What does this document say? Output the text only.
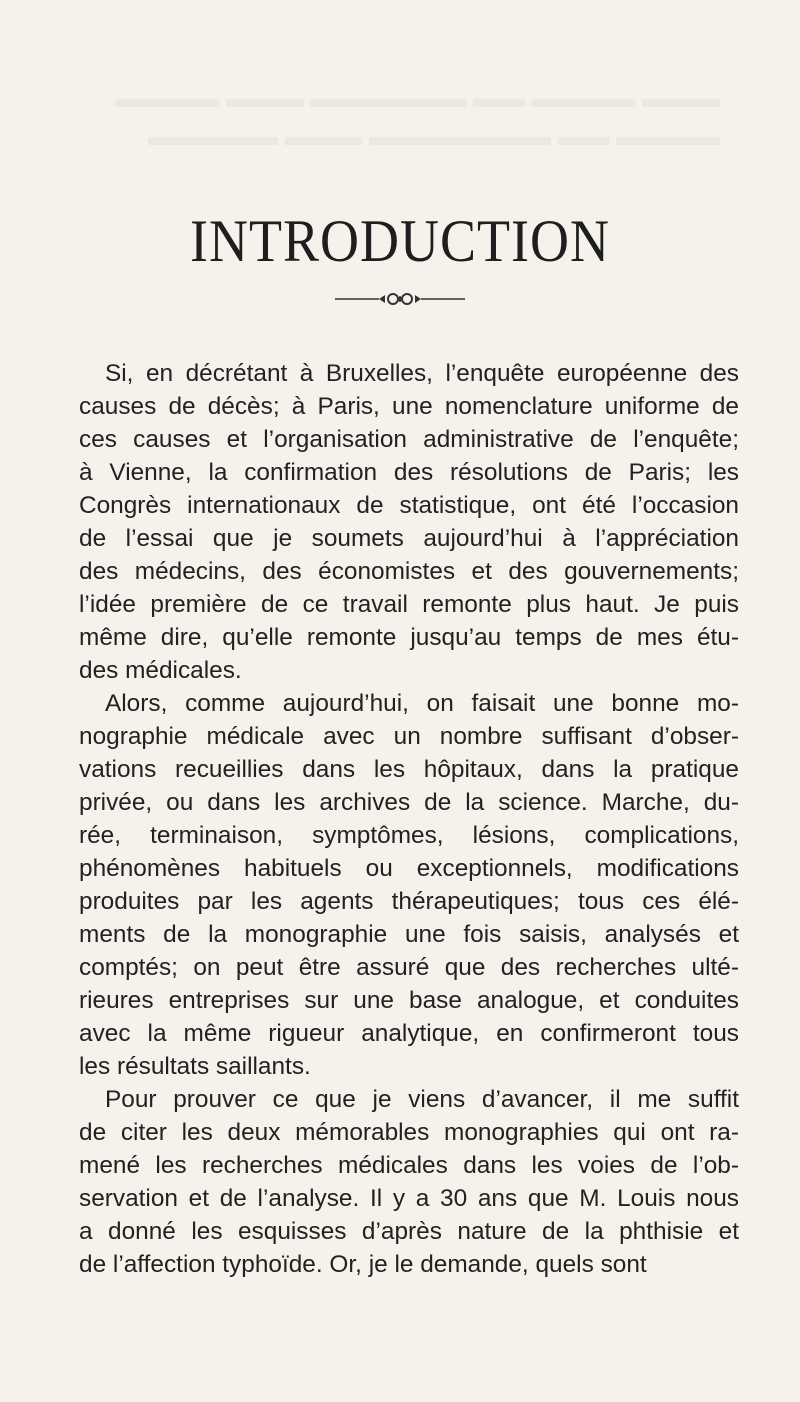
INTRODUCTION
Si, en décrétant à Bruxelles, l’enquête européenne des
causes de décès; à Paris, une nomenclature uniforme de
ces causes et l’organisation administrative de l’enquête;
à Vienne, la confirmation des résolutions de Paris; les
Congrès internationaux de statistique, ont été l’occasion
de l’essai que je soumets aujourd’hui à l’appréciation
des médecins, des économistes et des gouvernements;
l’idée première de ce travail remonte plus haut. Je puis
même dire, qu’elle remonte jusqu’au temps de mes étu-
des médicales.
Alors, comme aujourd’hui, on faisait une bonne mo-
nographie médicale avec un nombre suffisant d’obser-
vations recueillies dans les hôpitaux, dans la pratique
privée, ou dans les archives de la science. Marche, du-
rée, terminaison, symptômes, lésions, complications,
phénomènes habituels ou exceptionnels, modifications
produites par les agents thérapeutiques; tous ces élé-
ments de la monographie une fois saisis, analysés et
comptés; on peut être assuré que des recherches ulté-
rieures entreprises sur une base analogue, et conduites
avec la même rigueur analytique, en confirmeront tous
les résultats saillants.
Pour prouver ce que je viens d’avancer, il me suffit
de citer les deux mémorables monographies qui ont ra-
mené les recherches médicales dans les voies de l’ob-
servation et de l’analyse. Il y a 30 ans que M. Louis nous
a donné les esquisses d’après nature de la phthisie et
de l’affection typhoïde. Or, je le demande, quels sont
